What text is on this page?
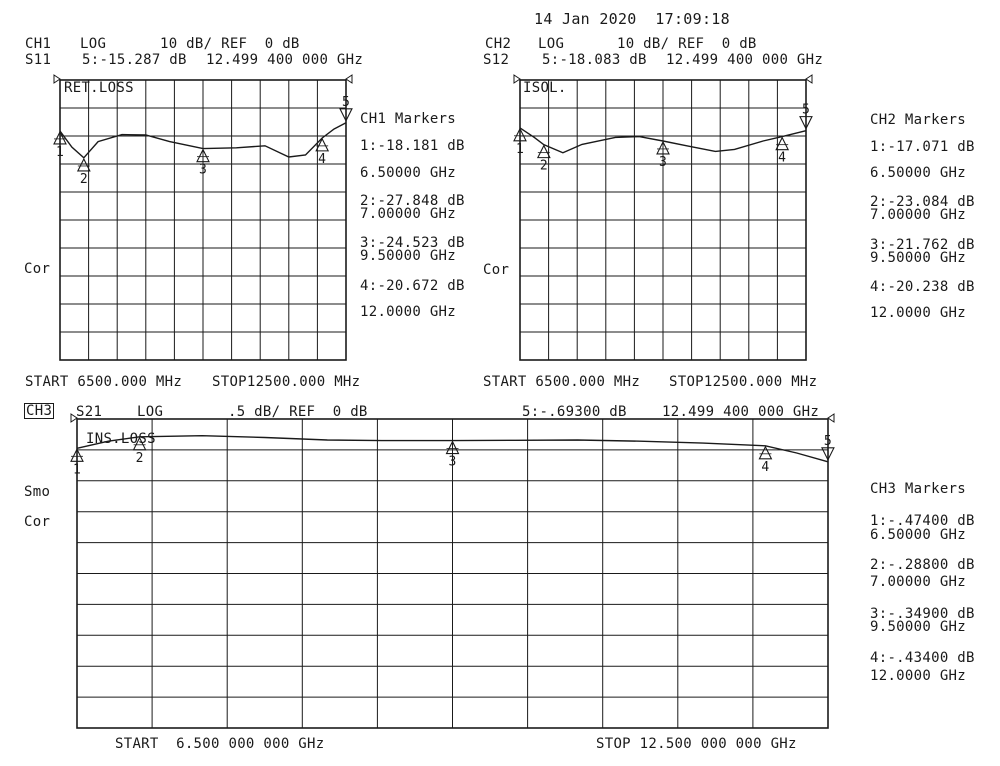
14 Jan 2020  17:09:18
CH1 LOG	10 dB/ REF  0 dB
S11 5:-15.287 dB 12.499 400 000 GHz
CH2 LOG	10 dB/ REF  0 dB
S12 5:-18.083 dB 12.499 400 000 GHz
RET.LOSS	ISOL.
Cor	Cor
CH1 Markers
1:-18.181 dB
6.50000 GHz
2:-27.848 dB
7.00000 GHz
3:-24.523 dB
9.50000 GHz
4:-20.672 dB
12.0000 GHz
CH2 Markers
1:-17.071 dB
6.50000 GHz
2:-23.084 dB
7.00000 GHz
3:-21.762 dB
9.50000 GHz
4:-20.238 dB
12.0000 GHz
START 6500.000 MHz STOP12500.000 MHz	START 6500.000 MHz STOP12500.000 MHz
CH3 S21 LOG	.5 dB/ REF  0 dB	5:-.69300 dB	12.499 400 000 GHz
INS.LOSS
Smo
Cor
CH3 Markers
1:-.47400 dB
6.50000 GHz
2:-.28800 dB
7.00000 GHz
3:-.34900 dB
9.50000 GHz
4:-.43400 dB
12.0000 GHz
START  6.500 000 000 GHz	STOP 12.500 000 000 GHz
1
2
3
4
5
1
2	3	4
5
1
2	3	4
5
